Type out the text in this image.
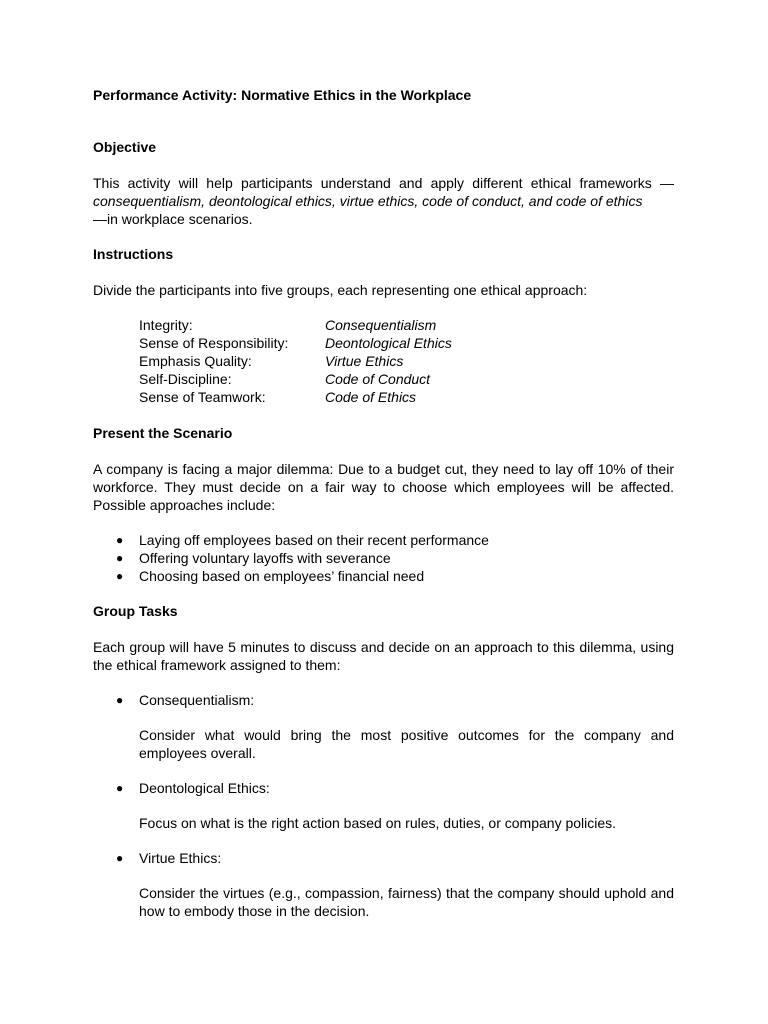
Performance Activity: Normative Ethics in the Workplace
Objective

This activity will help participants understand and apply different ethical frameworks —consequentialism, deontological ethics, virtue ethics, code of conduct, and code of ethics
—in workplace scenarios.

Instructions

Divide the participants into five groups, each representing one ethical approach:

Integrity:	Consequentialism
Sense of Responsibility:	Deontological Ethics
Emphasis Quality:	Virtue Ethics
Self-Discipline:	Code of Conduct
Sense of Teamwork:	Code of Ethics
Present the Scenario

A company is facing a major dilemma: Due to a budget cut, they need to lay off 10% of their workforce. They must decide on a fair way to choose which employees will be affected. Possible approaches include:

● Laying off employees based on their recent performance
● Offering voluntary layoffs with severance
● Choosing based on employees’ financial need
Group Tasks

Each group will have 5 minutes to discuss and decide on an approach to this dilemma, using the ethical framework assigned to them:

● Consequentialism:
Consider what would bring the most positive outcomes for the company and employees overall.
● Deontological Ethics:
Focus on what is the right action based on rules, duties, or company policies.
● Virtue Ethics:
Consider the virtues (e.g., compassion, fairness) that the company should uphold and how to embody those in the decision.
